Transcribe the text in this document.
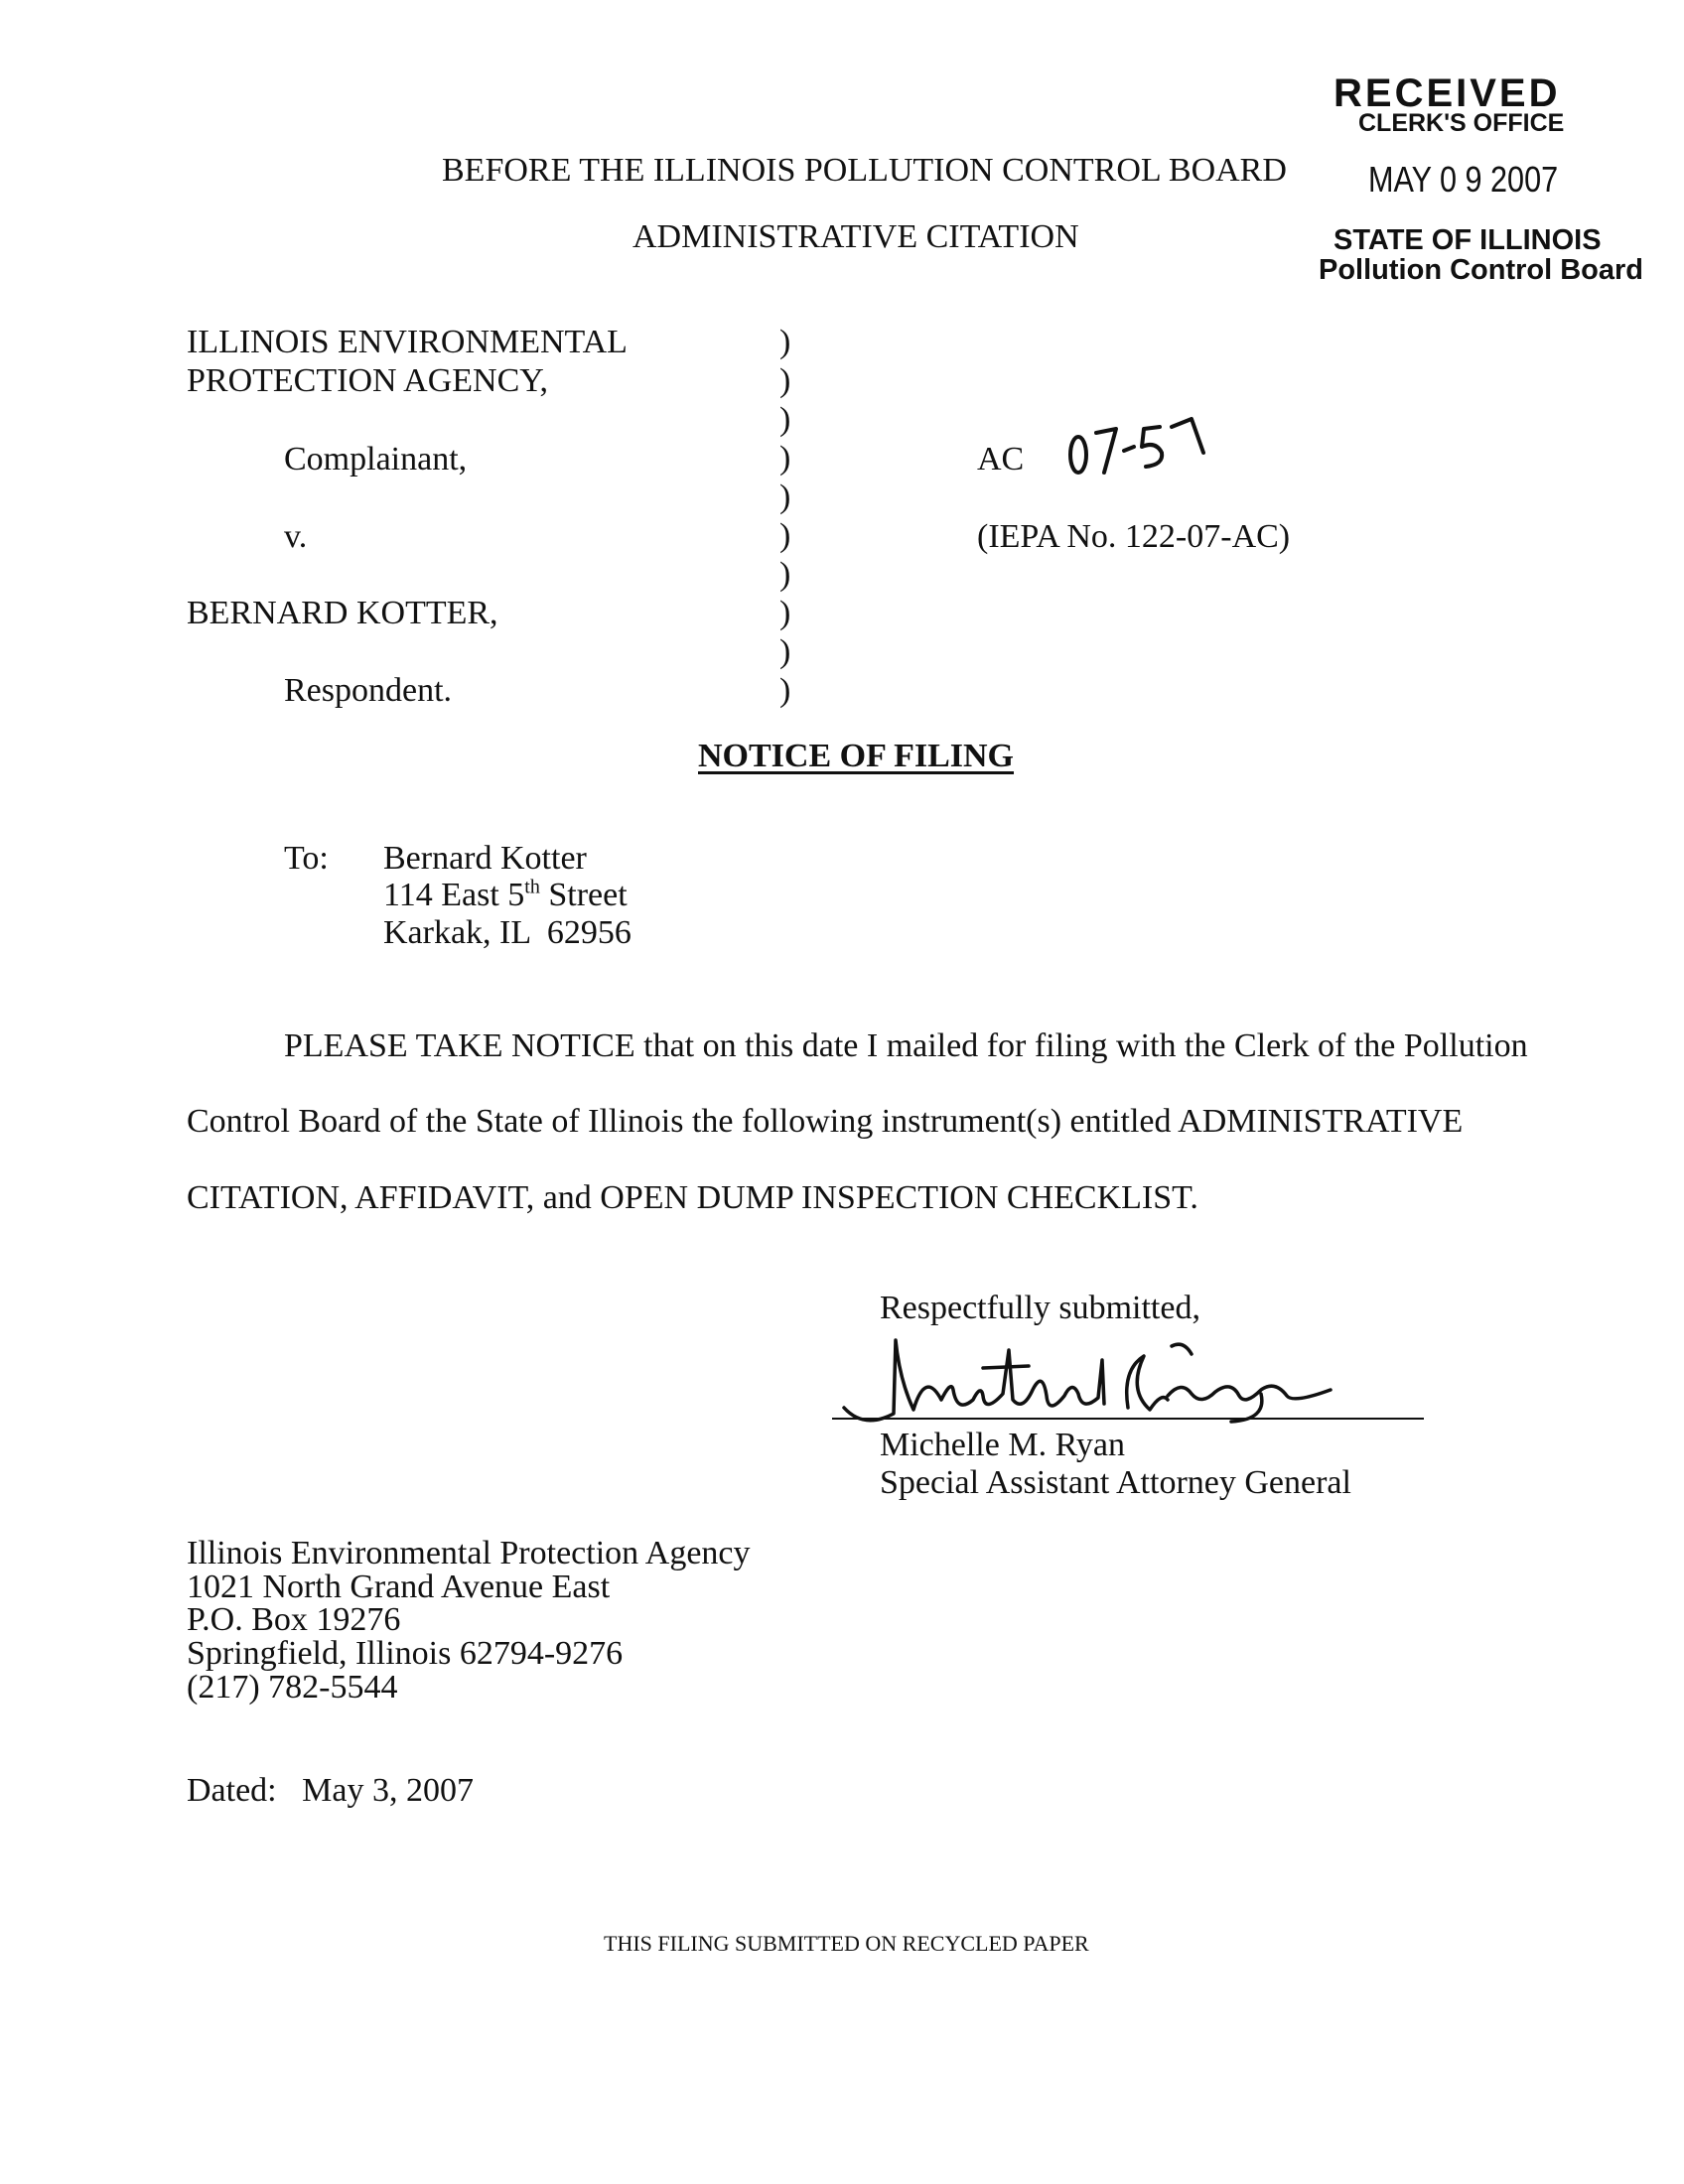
RECEIVED
CLERK'S OFFICE
MAY 0 9 2007
STATE OF ILLINOIS
Pollution Control Board
BEFORE THE ILLINOIS POLLUTION CONTROL BOARD
ADMINISTRATIVE CITATION
ILLINOIS ENVIRONMENTAL
PROTECTION AGENCY,
Complainant,
v.
BERNARD KOTTER,
Respondent.
)
)
)
)
)
)
)
)
)
)
AC
(IEPA No. 122-07-AC)
NOTICE OF FILING
To: Bernard Kotter
114 East 5th Street
Karkak, IL  62956
PLEASE TAKE NOTICE that on this date I mailed for filing with the Clerk of the Pollution
Control Board of the State of Illinois the following instrument(s) entitled ADMINISTRATIVE
CITATION, AFFIDAVIT, and OPEN DUMP INSPECTION CHECKLIST.
Respectfully submitted,
Michelle M. Ryan
Special Assistant Attorney General
Illinois Environmental Protection Agency
1021 North Grand Avenue East
P.O. Box 19276
Springfield, Illinois 62794-9276
(217) 782-5544
Dated:   May 3, 2007
THIS FILING SUBMITTED ON RECYCLED PAPER
